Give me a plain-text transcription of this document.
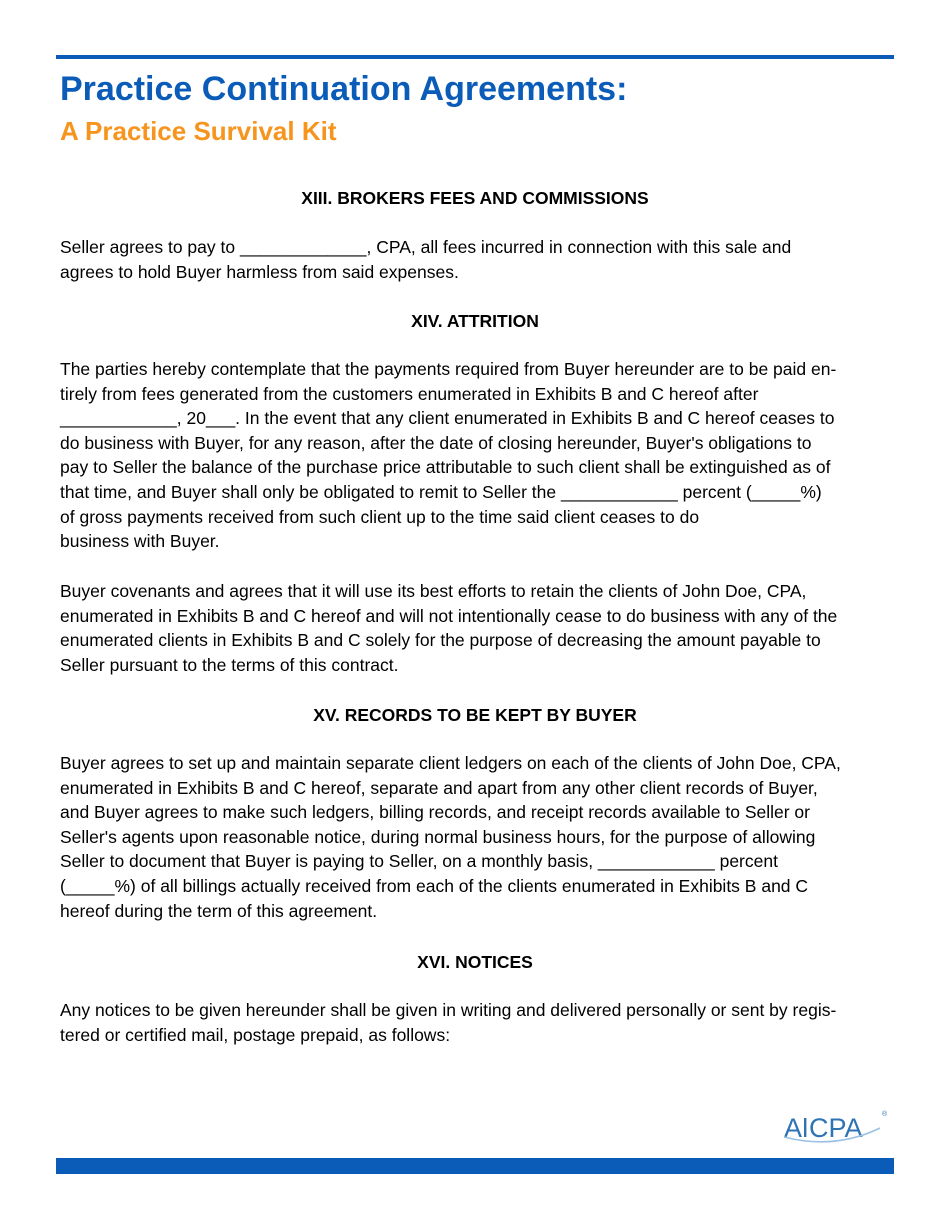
Practice Continuation Agreements:
A Practice Survival Kit
XIII. BROKERS FEES AND COMMISSIONS

Seller agrees to pay to _____________, CPA, all fees incurred in connection with this sale and
agrees to hold Buyer harmless from said expenses.

XIV. ATTRITION

The parties hereby contemplate that the payments required from Buyer hereunder are to be paid en-
tirely from fees generated from the customers enumerated in Exhibits B and C hereof after
____________, 20___. In the event that any client enumerated in Exhibits B and C hereof ceases to
do business with Buyer, for any reason, after the date of closing hereunder, Buyer's obligations to
pay to Seller the balance of the purchase price attributable to such client shall be extinguished as of
that time, and Buyer shall only be obligated to remit to Seller the ____________ percent (_____%)
of gross payments received from such client up to the time said client ceases to do
business with Buyer.

Buyer covenants and agrees that it will use its best efforts to retain the clients of John Doe, CPA,
enumerated in Exhibits B and C hereof and will not intentionally cease to do business with any of the
enumerated clients in Exhibits B and C solely for the purpose of decreasing the amount payable to
Seller pursuant to the terms of this contract.

XV. RECORDS TO BE KEPT BY BUYER

Buyer agrees to set up and maintain separate client ledgers on each of the clients of John Doe, CPA,
enumerated in Exhibits B and C hereof, separate and apart from any other client records of Buyer,
and Buyer agrees to make such ledgers, billing records, and receipt records available to Seller or
Seller's agents upon reasonable notice, during normal business hours, for the purpose of allowing
Seller to document that Buyer is paying to Seller, on a monthly basis, ____________ percent
(_____%) of all billings actually received from each of the clients enumerated in Exhibits B and C
hereof during the term of this agreement.

XVI. NOTICES

Any notices to be given hereunder shall be given in writing and delivered personally or sent by regis-
tered or certified mail, postage prepaid, as follows:

A CPA	®
